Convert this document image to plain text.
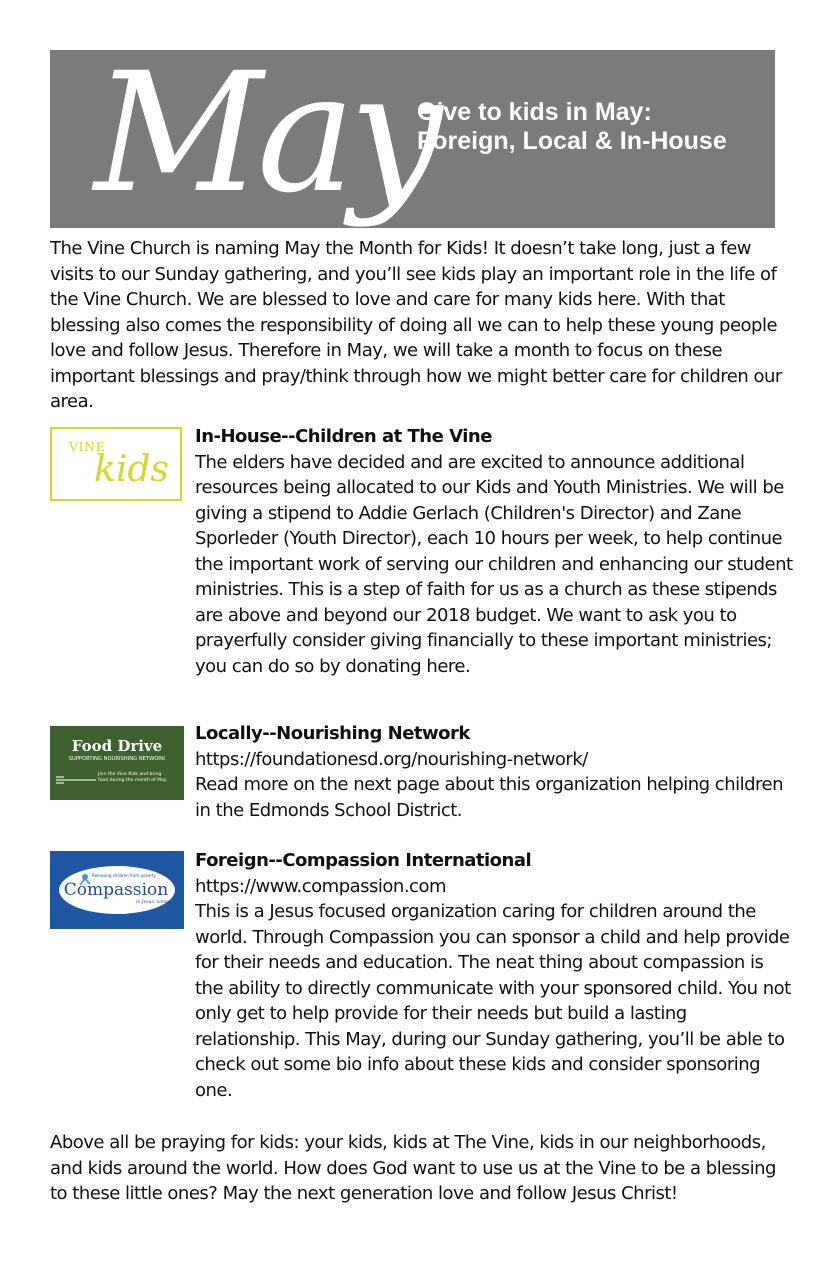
May
Give to kids in May:
Foreign, Local & In-House

The Vine Church is naming May the Month for Kids! It doesn’t take long, just a few visits to our Sunday gathering, and you’ll see kids play an important role in the life of the Vine Church. We are blessed to love and care for many kids here. With that blessing also comes the responsibility of doing all we can to help these young people love and follow Jesus. Therefore in May, we will take a month to focus on these important blessings and pray/think through how we might better care for children our area.

VINE
kids

In-House--Children at The Vine

The elders have decided and are excited to announce additional resources being allocated to our Kids and Youth Ministries. We will be giving a stipend to Addie Gerlach (Children's Director) and Zane Sporleder (Youth Director), each 10 hours per week, to help continue the important work of serving our children and enhancing our student ministries. This is a step of faith for us as a church as these stipends are above and beyond our 2018 budget. We want to ask you to prayerfully consider giving financially to these important ministries; you can do so by donating here.

Food Drive
SUPPORTING NOURISHING NETWORK
Join the Vine Kids and bring
food during the month of May

Locally--Nourishing Network

https://foundationesd.org/nourishing-network/

Read more on the next page about this organization helping children in the Edmonds School District.

Releasing children from poverty
Compassion
in Jesus' name

Foreign--Compassion International

https://www.compassion.com

This is a Jesus focused organization caring for children around the world. Through Compassion you can sponsor a child and help provide for their needs and education. The neat thing about compassion is the ability to directly communicate with your sponsored child. You not only get to help provide for their needs but build a lasting relationship. This May, during our Sunday gathering, you’ll be able to check out some bio info about these kids and consider sponsoring one.

Above all be praying for kids: your kids, kids at The Vine, kids in our neighborhoods, and kids around the world. How does God want to use us at the Vine to be a blessing to these little ones? May the next generation love and follow Jesus Christ!
